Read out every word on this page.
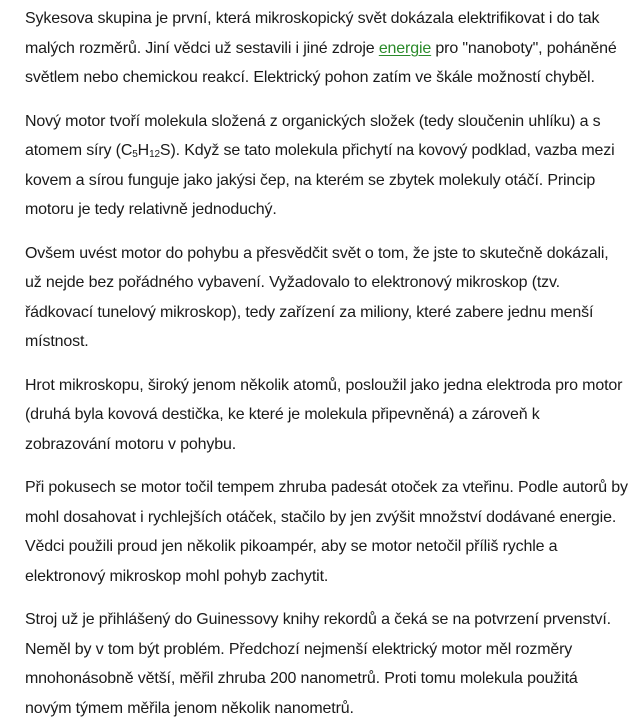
Sykesova skupina je první, která mikroskopický svět dokázala elektrifikovat i do tak malých rozměrů. Jiní vědci už sestavili i jiné zdroje energie pro "nanoboty", poháněné světlem nebo chemickou reakcí. Elektrický pohon zatím ve škále možností chyběl.

Nový motor tvoří molekula složená z organických složek (tedy sloučenin uhlíku) a s atomem síry $(C_5H_{12}S)$. Když se tato molekula přichytí na kovový podklad, vazba mezi kovem a sírou funguje jako jakýsi čep, na kterém se zbytek molekuly otáčí. Princip motoru je tedy relativně jednoduchý.

Ovšem uvést motor do pohybu a přesvědčit svět o tom, že jste to skutečně dokázali, už nejde bez pořádného vybavení. Vyžadovalo to elektronový mikroskop (tzv. řádkovací tunelový mikroskop), tedy zařízení za miliony, které zabere jednu menší místnost.

Hrot mikroskopu, široký jenom několik atomů, posloužil jako jedna elektroda pro motor (druhá byla kovová destička, ke které je molekula připevněná) a zároveň k zobrazování motoru v pohybu.

Při pokusech se motor točil tempem zhruba padesát otoček za vteřinu. Podle autorů by mohl dosahovat i rychlejších otáček, stačilo by jen zvýšit množství dodávané energie. Vědci použili proud jen několik pikoampér, aby se motor netočil příliš rychle a elektronový mikroskop mohl pohyb zachytit.

Stroj už je přihlášený do Guinessovy knihy rekordů a čeká se na potvrzení prvenství. Neměl by v tom být problém. Předchozí nejmenší elektrický motor měl rozměry mnohonásobně větší, měřil zhruba 200 nanometrů. Proti tomu molekula použitá novým týmem měřila jenom několik nanometrů.
